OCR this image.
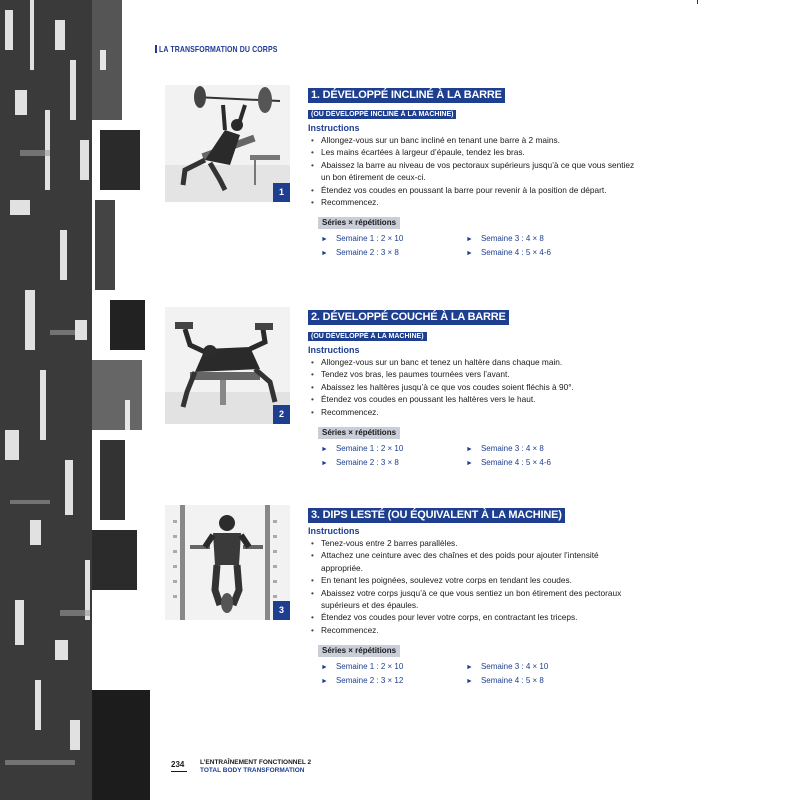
LA TRANSFORMATION DU CORPS
1
1. DÉVELOPPÉ INCLINÉ À LA BARRE
(OU DÉVELOPPÉ INCLINÉ À LA MACHINE)
Instructions
• Allongez-vous sur un banc incliné en tenant une barre à 2 mains.
• Les mains écartées à largeur d’épaule, tendez les bras.
• Abaissez la barre au niveau de vos pectoraux supérieurs jusqu’à ce que vous sentiez un bon étirement de ceux-ci.
• Étendez vos coudes en poussant la barre pour revenir à la position de départ.
• Recommencez.
Séries × répétitions
► Semaine 1 : 2 × 10	► Semaine 3 : 4 × 8
► Semaine 2 : 3 × 8	► Semaine 4 : 5 × 4-6
2
2. DÉVELOPPÉ COUCHÉ À LA BARRE
(OU DÉVELOPPÉ À LA MACHINE)
Instructions
• Allongez-vous sur un banc et tenez un haltère dans chaque main.
• Tendez vos bras, les paumes tournées vers l’avant.
• Abaissez les haltères jusqu’à ce que vos coudes soient fléchis à 90°.
• Étendez vos coudes en poussant les haltères vers le haut.
• Recommencez.
Séries × répétitions
► Semaine 1 : 2 × 10	► Semaine 3 : 4 × 8
► Semaine 2 : 3 × 8	► Semaine 4 : 5 × 4-6
3
3. DIPS LESTÉ (OU ÉQUIVALENT À LA MACHINE)
Instructions
• Tenez-vous entre 2 barres parallèles.
• Attachez une ceinture avec des chaînes et des poids pour ajouter l’intensité appropriée.
• En tenant les poignées, soulevez votre corps en tendant les coudes.
• Abaissez votre corps jusqu’à ce que vous sentiez un bon étirement des pectoraux supérieurs et des épaules.
• Étendez vos coudes pour lever votre corps, en contractant les triceps.
• Recommencez.
Séries × répétitions
► Semaine 1 : 2 × 10	► Semaine 3 : 4 × 10
► Semaine 2 : 3 × 12	► Semaine 4 : 5 × 8
234 L’ENTRAÎNEMENT FONCTIONNEL 2
TOTAL BODY TRANSFORMATION
